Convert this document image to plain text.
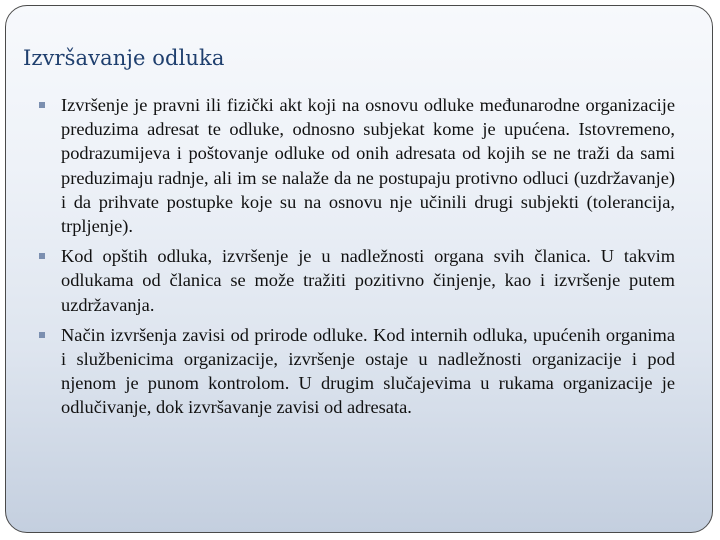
Izvršavanje odluka
Izvršenje je pravni ili fizički akt koji na osnovu odluke međunarodne organizacije preduzima adresat te odluke, odnosno subjekat kome je upućena. Istovremeno, podrazumijeva i poštovanje odluke od onih adresata od kojih se ne traži da sami preduzimaju radnje, ali im se nalaže da ne postupaju protivno odluci (uzdržavanje) i da prihvate postupke koje su na osnovu nje učinili drugi subjekti (tolerancija, trpljenje).
Kod opštih odluka, izvršenje je u nadležnosti organa svih članica. U takvim odlukama od članica se može tražiti pozitivno činjenje, kao i izvršenje putem uzdržavanja.
Način izvršenja zavisi od prirode odluke. Kod internih odluka, upućenih organima i službenicima organizacije, izvršenje ostaje u nadležnosti organizacije i pod njenom je punom kontrolom. U drugim slučajevima u rukama organizacije je odlučivanje, dok izvršavanje zavisi od adresata.
